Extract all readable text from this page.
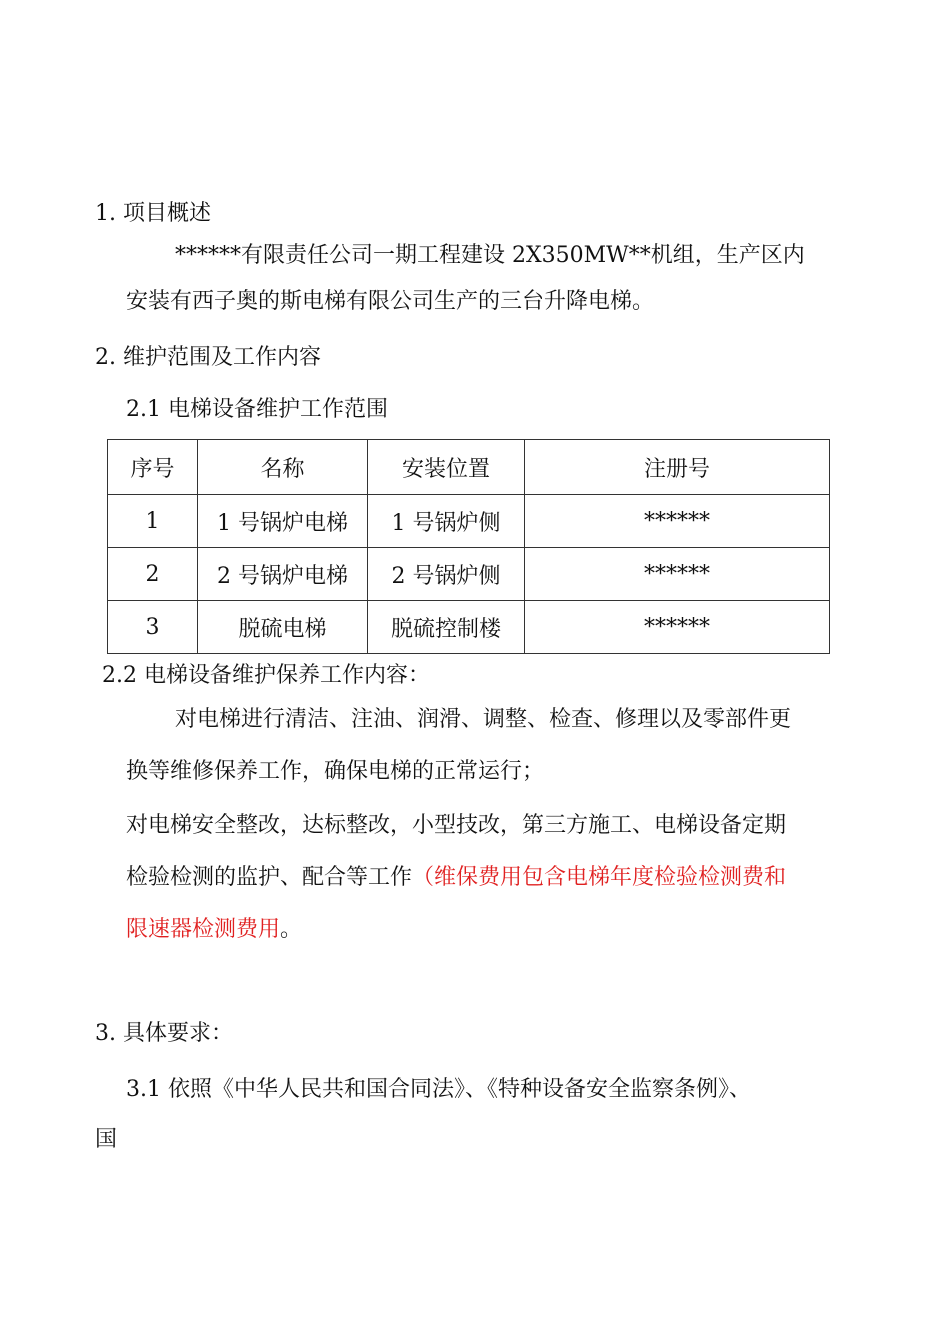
1. 项目概述
******有限责任公司一期工程建设 2X350MW**机组，生产区内
安装有西子奥的斯电梯有限公司生产的三台升降电梯。
2. 维护范围及工作内容
2.1 电梯设备维护工作范围
序号	名称	安装位置	注册号
1	1 号锅炉电梯	1 号锅炉侧	******
2	2 号锅炉电梯	2 号锅炉侧	******
3	脱硫电梯	脱硫控制楼	******
2.2 电梯设备维护保养工作内容：
对电梯进行清洁、注油、润滑、调整、检查、修理以及零部件更
换等维修保养工作，确保电梯的正常运行；
对电梯安全整改，达标整改，小型技改，第三方施工、电梯设备定期
检验检测的监护、配合等工作（维保费用包含电梯年度检验检测费和
限速器检测费用。
3. 具体要求：
3.1 依照《中华人民共和国合同法》、《特种设备安全监察条例》、
国
